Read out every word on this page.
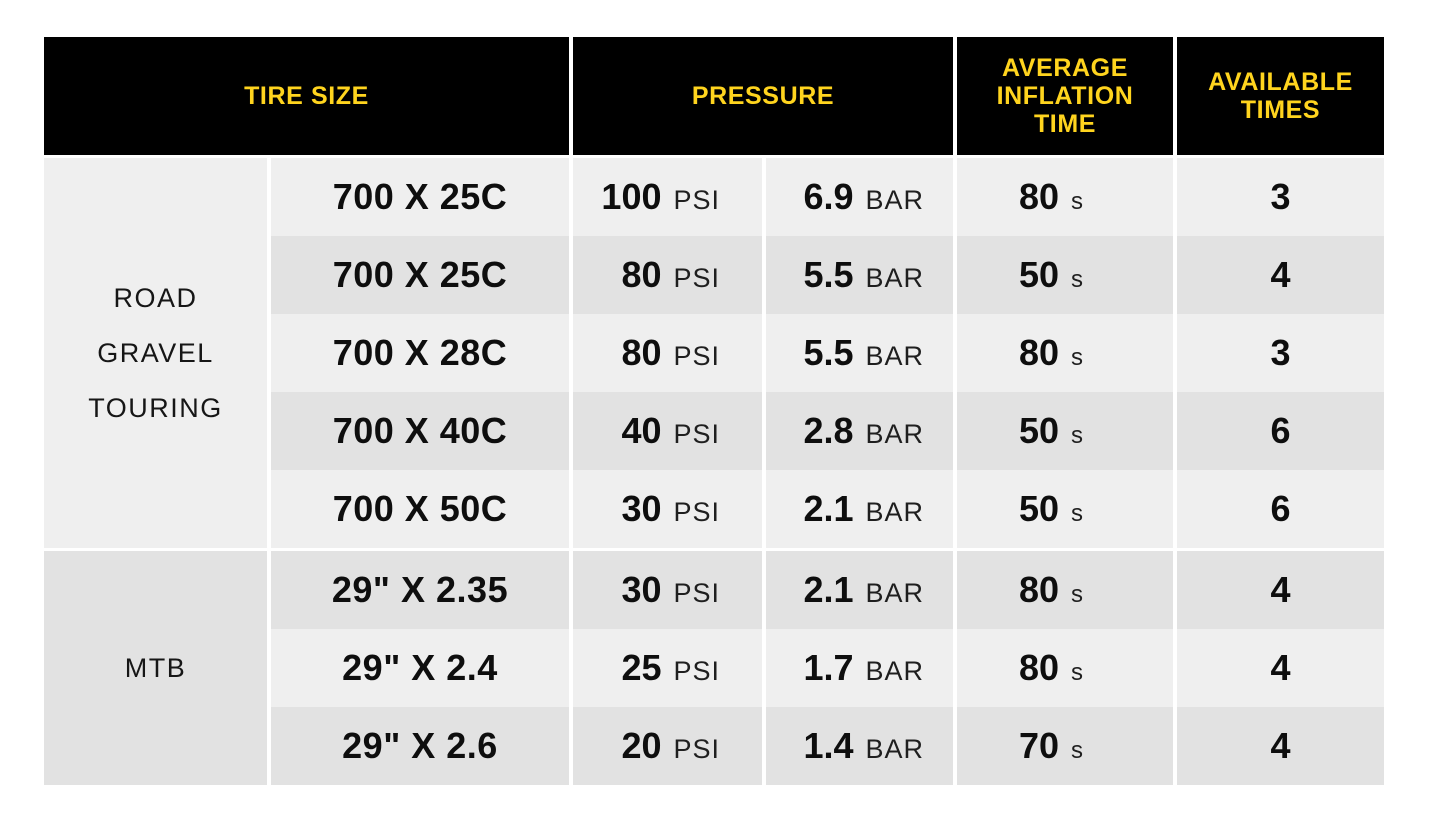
TIRE SIZE	PRESSURE
AVERAGE INFLATION TIME
AVAILABLE TIMES
ROAD
GRAVEL
TOURING
MTB
700 X 25C
700 X 25C
700 X 28C
700 X 40C
700 X 50C
29" X 2.35
29" X 2.4
29" X 2.6
100 PSI
80 PSI
80 PSI
40 PSI
30 PSI
30 PSI
25 PSI
20 PSI
6.9 BAR
5.5 BAR
5.5 BAR
2.8 BAR
2.1 BAR
2.1 BAR
1.7 BAR
1.4 BAR
80 s
50 s
80 s
50 s
50 s
80 s
80 s
70 s
3
4
3
6
6
4
4
4
